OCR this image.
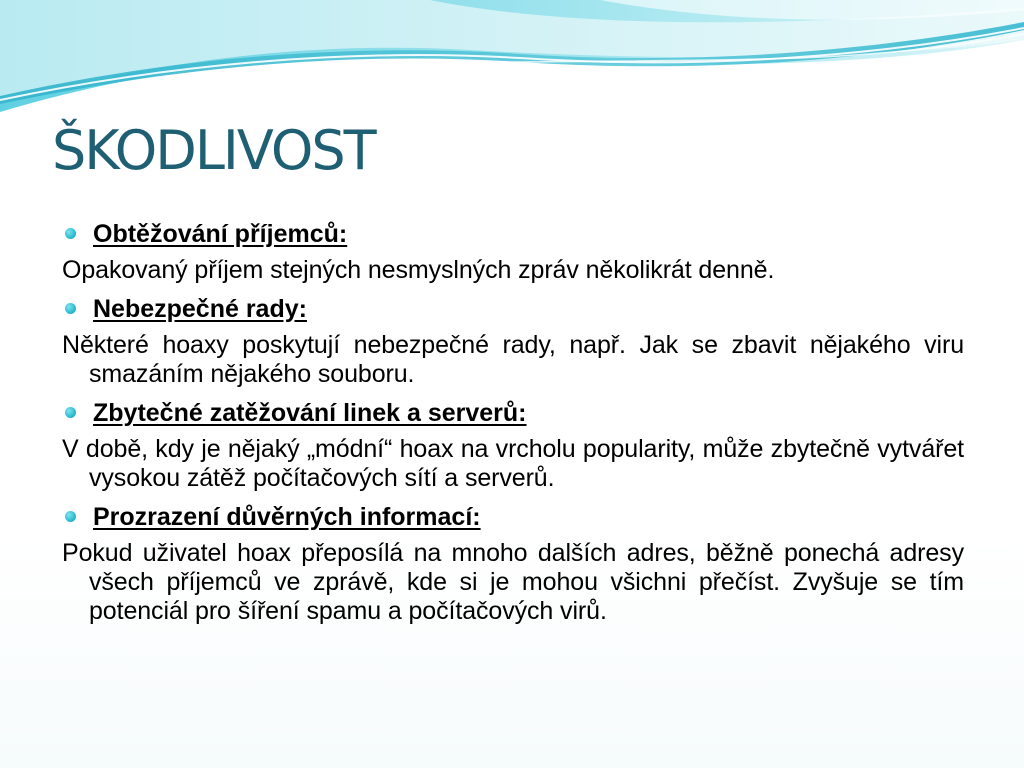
ŠKODLIVOST
Obtěžování příjemců:
Opakovaný příjem stejných nesmyslných zpráv několikrát denně.
Nebezpečné rady:
Některé hoaxy poskytují nebezpečné rady, např. Jak se zbavit nějakého viru smazáním nějakého souboru.
Zbytečné zatěžování linek a serverů:
V době, kdy je nějaký „módní“ hoax na vrcholu popularity, může zbytečně vytvářet vysokou zátěž počítačových sítí a serverů.
Prozrazení důvěrných informací:
Pokud uživatel hoax přeposílá na mnoho dalších adres, běžně ponechá adresy všech příjemců ve zprávě, kde si je mohou všichni přečíst. Zvyšuje se tím potenciál pro šíření spamu a počítačových virů.
